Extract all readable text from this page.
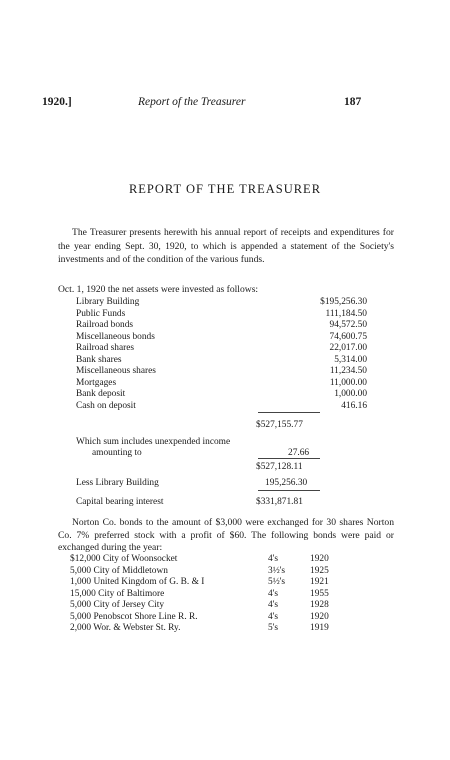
1920.]	Report of the Treasurer	187
REPORT OF THE TREASURER

The Treasurer presents herewith his annual report of receipts and expenditures for the year ending Sept. 30, 1920, to which is appended a statement of the Society's investments and of the condition of the various funds.

Oct. 1, 1920 the net assets were invested as follows:

Library Building	$195,256.30
Public Funds	111,184.50
Railroad bonds	94,572.50
Miscellaneous bonds	74,600.75
Railroad shares	22,017.00
Bank shares	5,314.00
Miscellaneous shares	11,234.50
Mortgages	11,000.00
Bank deposit	1,000.00
Cash on deposit	416.16
$527,155.77
Which sum includes unexpended income
amounting to	27.66
$527,128.11
Less Library Building	195,256.30
Capital bearing interest	$331,871.81

Norton Co. bonds to the amount of $3,000 were exchanged for 30 shares Norton Co. 7% preferred stock with a profit of $60. The following bonds were paid or exchanged during the year:

$12,000 City of Woonsocket	4's	1920
5,000 City of Middletown	3½'s	1925
1,000 United Kingdom of G. B. & I	5½'s	1921
15,000 City of Baltimore	4's	1955
5,000 City of Jersey City	4's	1928
5,000 Penobscot Shore Line R. R.	4's	1920
2,000 Wor. & Webster St. Ry.	5's	1919
